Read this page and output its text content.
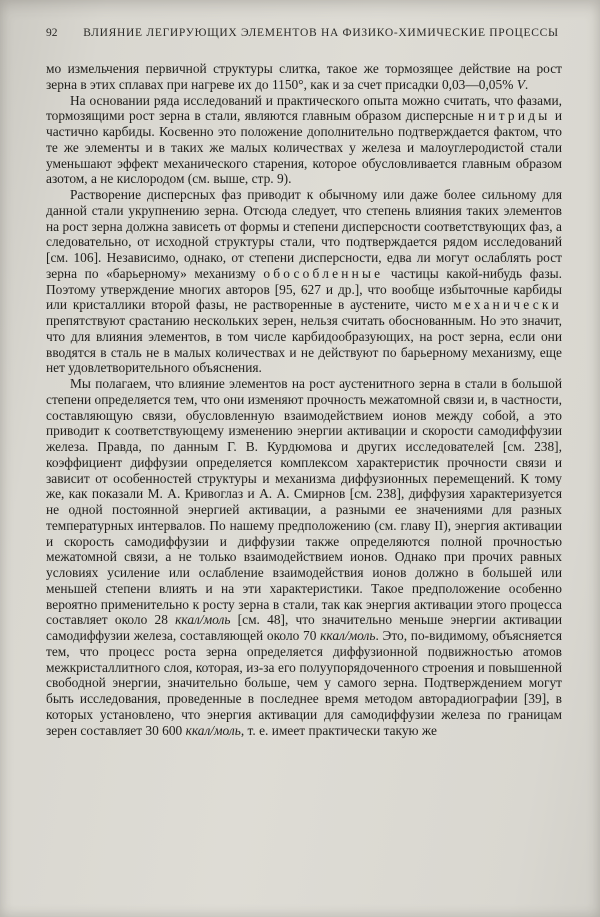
92	ВЛИЯНИЕ ЛЕГИРУЮЩИХ ЭЛЕМЕНТОВ НА ФИЗИКО-ХИМИЧЕСКИЕ ПРОЦЕССЫ

мо измельчения первичной структуры слитка, такое же тормозящее действие на рост зерна в этих сплавах при нагреве их до 1150°, как и за счет присадки 0,03—0,05% V.

На основании ряда исследований и практического опыта можно считать, что фазами, тормозящими рост зерна в стали, являются главным образом дисперсные нитриды и частично карбиды. Косвенно это положение дополнительно подтверждается фактом, что те же элементы и в таких же малых количествах у железа и малоуглеродистой стали уменьшают эффект механического старения, которое обусловливается главным образом азотом, а не кислородом (см. выше, стр. 9).

Растворение дисперсных фаз приводит к обычному или даже более сильному для данной стали укрупнению зерна. Отсюда следует, что степень влияния таких элементов на рост зерна должна зависеть от формы и степени дисперсности соответствующих фаз, а следовательно, от исходной структуры стали, что подтверждается рядом исследований [см. 106]. Независимо, однако, от степени дисперсности, едва ли могут ослаблять рост зерна по «барьерному» механизму обособленные частицы какой-нибудь фазы. Поэтому утверждение многих авторов [95, 627 и др.], что вообще избыточные карбиды или кристаллики второй фазы, не растворенные в аустените, чисто механически препятствуют срастанию нескольких зерен, нельзя считать обоснованным. Но это значит, что для влияния элементов, в том числе карбидообразующих, на рост зерна, если они вводятся в сталь не в малых количествах и не действуют по барьерному механизму, еще нет удовлетворительного объяснения.

Мы полагаем, что влияние элементов на рост аустенитного зерна в стали в большой степени определяется тем, что они изменяют прочность межатомной связи и, в частности, составляющую связи, обусловленную взаимодействием ионов между собой, а это приводит к соответствующему изменению энергии активации и скорости самодиффузии железа. Правда, по данным Г. В. Курдюмова и других исследователей [см. 238], коэффициент диффузии определяется комплексом характеристик прочности связи и зависит от особенностей структуры и механизма диффузионных перемещений. К тому же, как показали М. А. Кривоглаз и А. А. Смирнов [см. 238], диффузия характеризуется не одной постоянной энергией активации, а разными ее значениями для разных температурных интервалов. По нашему предположению (см. главу II), энергия активации и скорость самодиффузии и диффузии также определяются полной прочностью межатомной связи, а не только взаимодействием ионов. Однако при прочих равных условиях усиление или ослабление взаимодействия ионов должно в большей или меньшей степени влиять и на эти характеристики. Такое предположение особенно вероятно применительно к росту зерна в стали, так как энергия активации этого процесса составляет около 28 ккал/моль [см. 48], что значительно меньше энергии активации самодиффузии железа, составляющей около 70 ккал/моль. Это, по-видимому, объясняется тем, что процесс роста зерна определяется диффузионной подвижностью атомов межкристаллитного слоя, которая, из-за его полуупорядоченного строения и повышенной свободной энергии, значительно больше, чем у самого зерна. Подтверждением могут быть исследования, проведенные в последнее время методом авторадиографии [39], в которых установлено, что энергия активации для самодиффузии железа по границам зерен составляет 30 600 ккал/моль, т. е. имеет практически такую же
